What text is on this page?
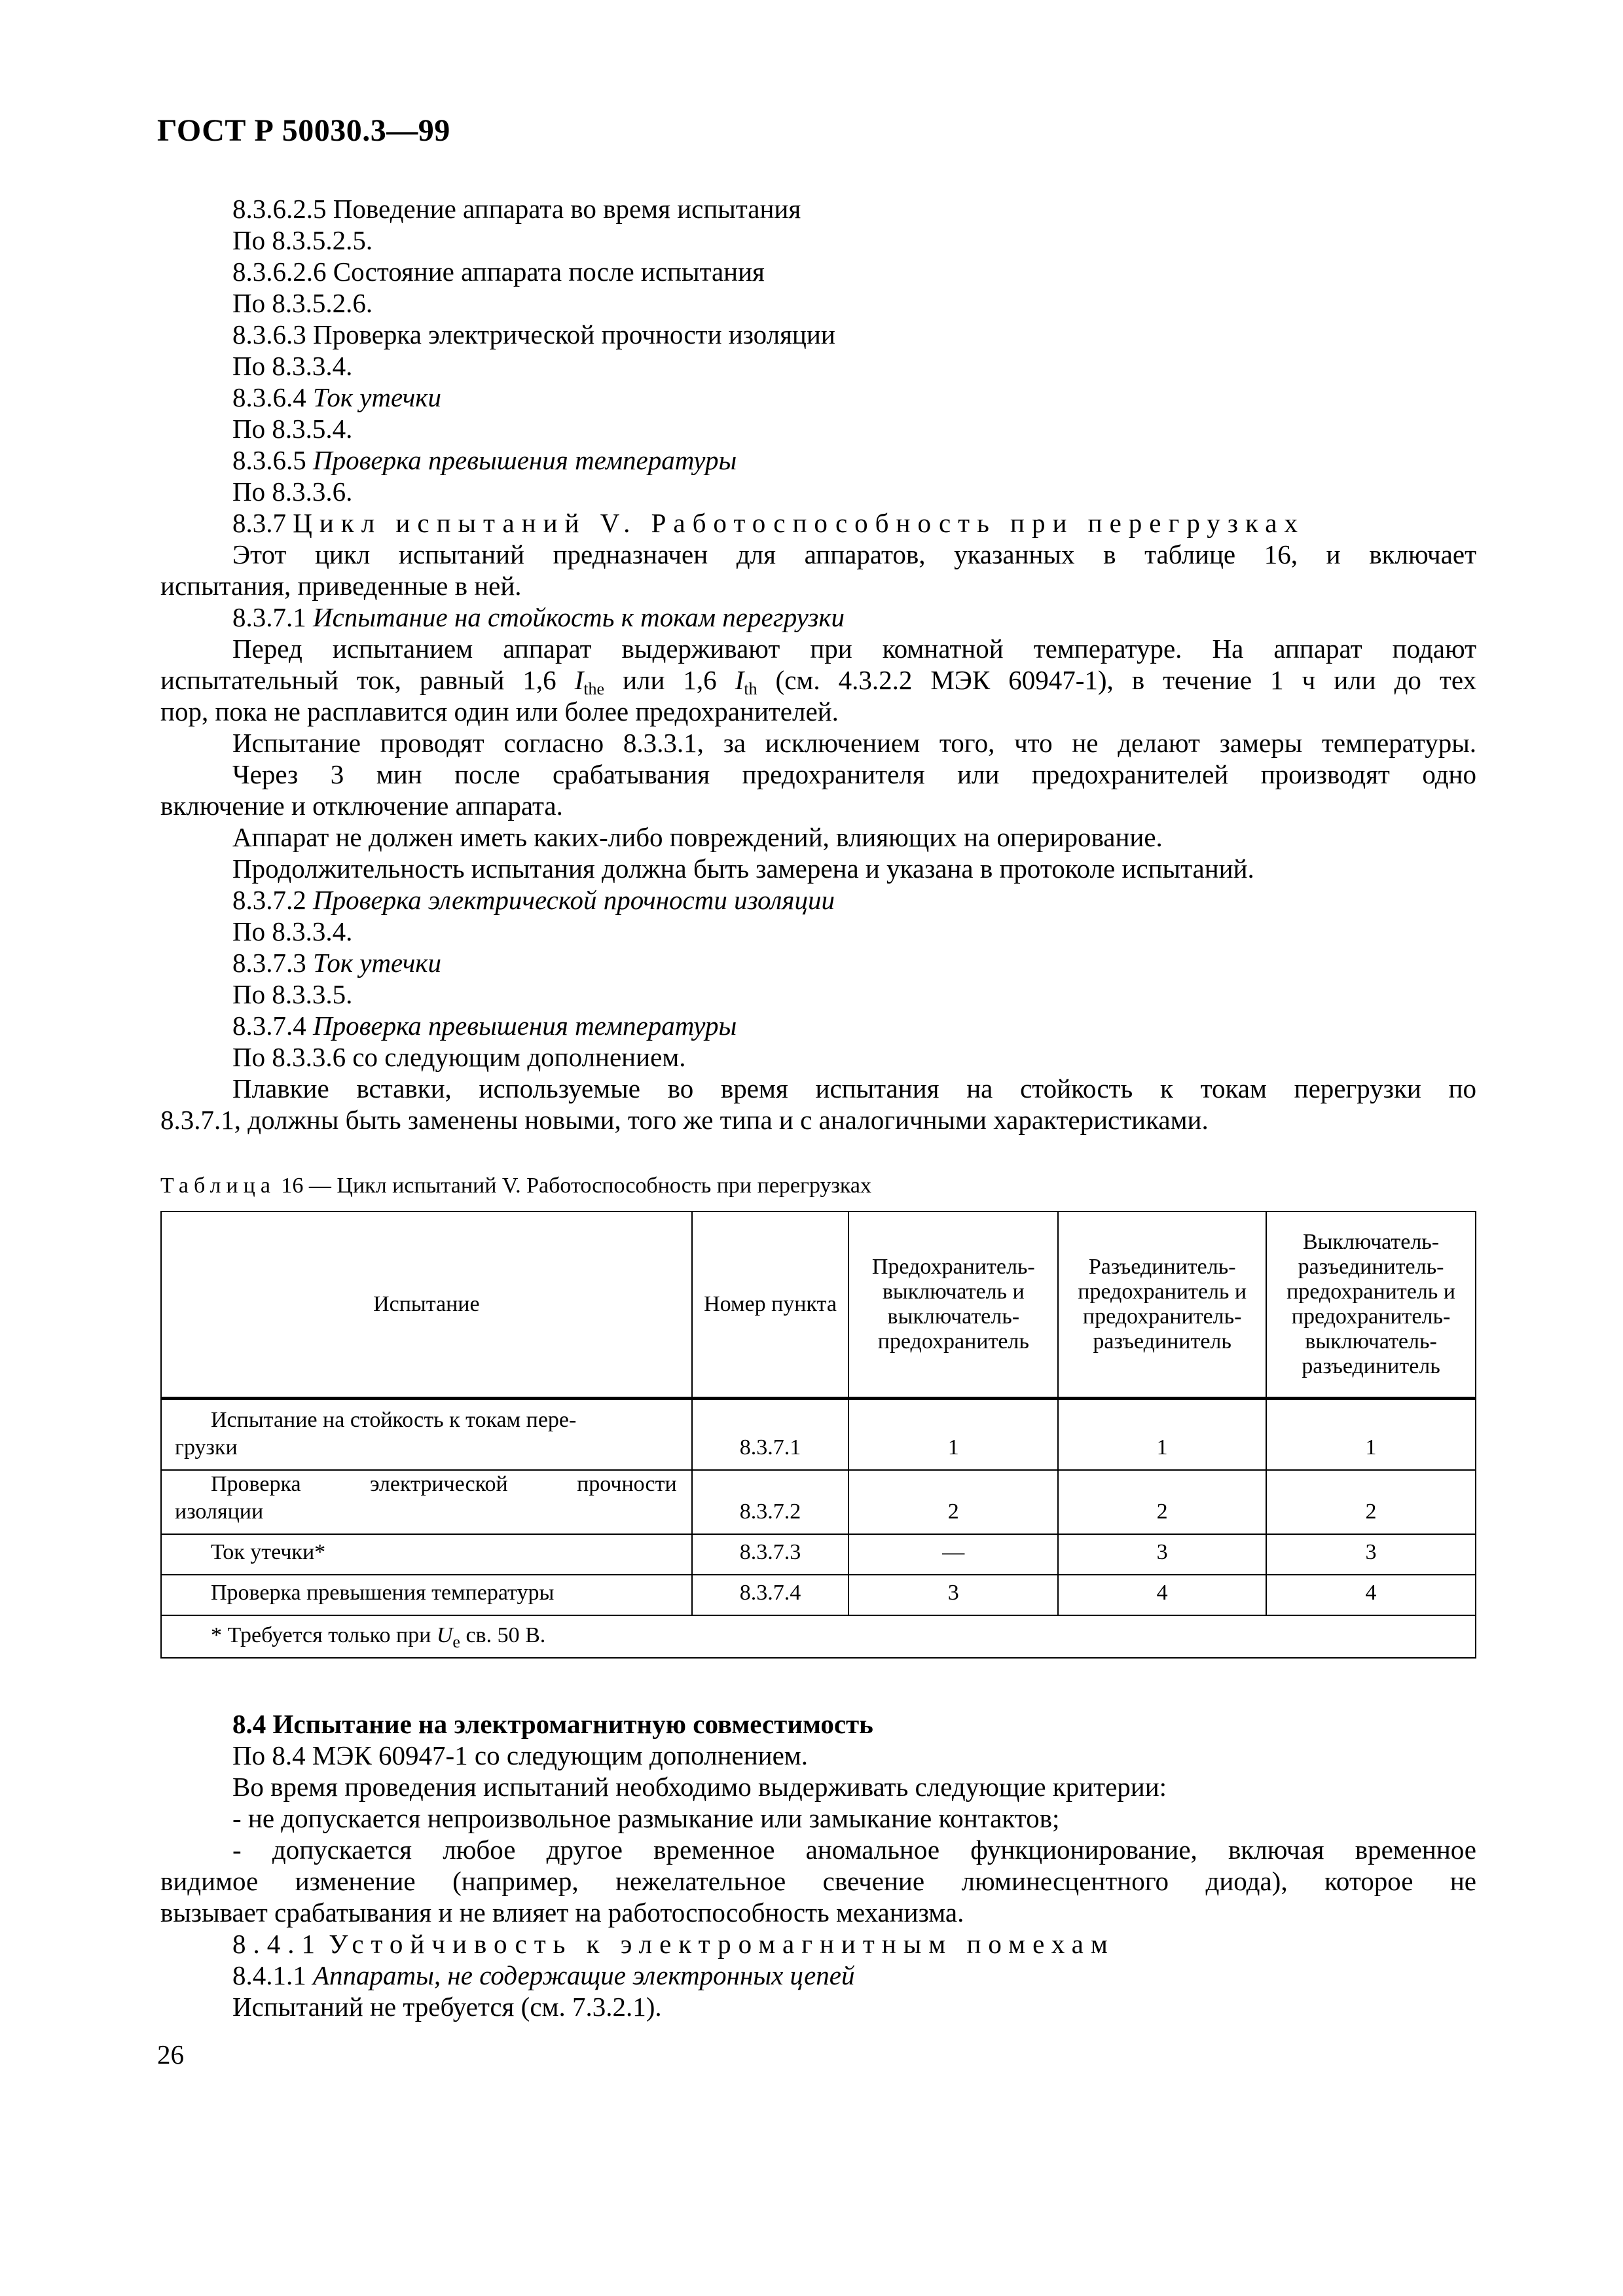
ГОСТ Р 50030.3—99
8.3.6.2.5 Поведение аппарата во время испытания
По 8.3.5.2.5.
8.3.6.2.6 Состояние аппарата после испытания
По 8.3.5.2.6.
8.3.6.3 Проверка электрической прочности изоляции
По 8.3.3.4.
8.3.6.4 Ток утечки
По 8.3.5.4.
8.3.6.5 Проверка превышения температуры
По 8.3.3.6.
8.3.7 Цикл испытаний V. Работоспособность при перегрузках
Этот цикл испытаний предназначен для аппаратов, указанных в таблице 16, и включает
испытания, приведенные в ней.
8.3.7.1 Испытание на стойкость к токам перегрузки
Перед испытанием аппарат выдерживают при комнатной температуре. На аппарат подают
испытательный ток, равный 1,6 $I_{the}$ или 1,6 $I_{th}$ (см. 4.3.2.2 МЭК 60947-1), в течение 1 ч или до тех
пор, пока не расплавится один или более предохранителей.
Испытание проводят согласно 8.3.3.1, за исключением того, что не делают замеры температуры.
Через 3 мин после срабатывания предохранителя или предохранителей производят одно
включение и отключение аппарата.
Аппарат не должен иметь каких-либо повреждений, влияющих на оперирование.
Продолжительность испытания должна быть замерена и указана в протоколе испытаний.
8.3.7.2 Проверка электрической прочности изоляции
По 8.3.3.4.
8.3.7.3 Ток утечки
По 8.3.3.5.
8.3.7.4 Проверка превышения температуры
По 8.3.3.6 со следующим дополнением.
Плавкие вставки, используемые во время испытания на стойкость к токам перегрузки по
8.3.7.1, должны быть заменены новыми, того же типа и с аналогичными характеристиками.
Таблица 16 — Цикл испытаний V. Работоспособность при перегрузках
Испытание	Номер пункта	Предохранитель-выключатель и выключатель-предохранитель	Разъединитель-предохранитель и предохранитель-разъединитель	Выключатель-разъединитель-предохранитель и предохранитель-выключатель-разъединитель

Испытание на стойкость к токам пере-
грузки	8.3.7.1	1	1	1

Проверка электрической прочности
изоляции	8.3.7.2	2	2	2
Ток утечки*	8.3.7.3	—	3	3
Проверка превышения температуры	8.3.7.4	3	4	4
* Требуется только при $U_e$ св. 50 В.				
8.4 Испытание на электромагнитную совместимость
По 8.4 МЭК 60947-1 со следующим дополнением.
Во время проведения испытаний необходимо выдерживать следующие критерии:
- не допускается непроизвольное размыкание или замыкание контактов;
- допускается любое другое временное аномальное функционирование, включая временное
видимое изменение (например, нежелательное свечение люминесцентного диода), которое не
вызывает срабатывания и не влияет на работоспособность механизма.
8.4.1 Устойчивость к электромагнитным помехам
8.4.1.1 Аппараты, не содержащие электронных цепей
Испытаний не требуется (см. 7.3.2.1).
26
